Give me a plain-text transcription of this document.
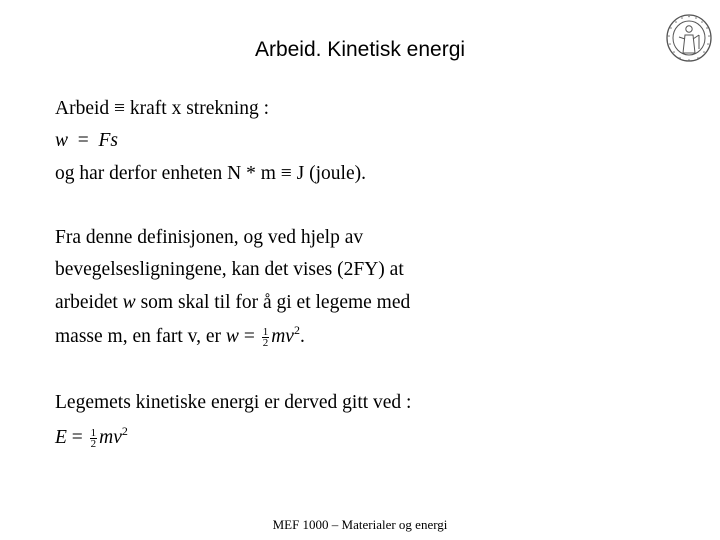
Arbeid. Kinetisk energi
Arbeid ≡ kraft x strekning :
w = Fs
og har derfor enheten N * m ≡ J (joule).
Fra denne definisjonen, og ved hjelp av
bevegelsesligningene, kan det vises (2FY) at
arbeidet w som skal til for å gi et legeme med
masse m, en fart v, er $w = \frac{1}{2} mv^2$.
Legemets kinetiske energi er derved gitt ved :
$E = \frac{1}{2} mv^2$
MEF 1000 – Materialer og energi
